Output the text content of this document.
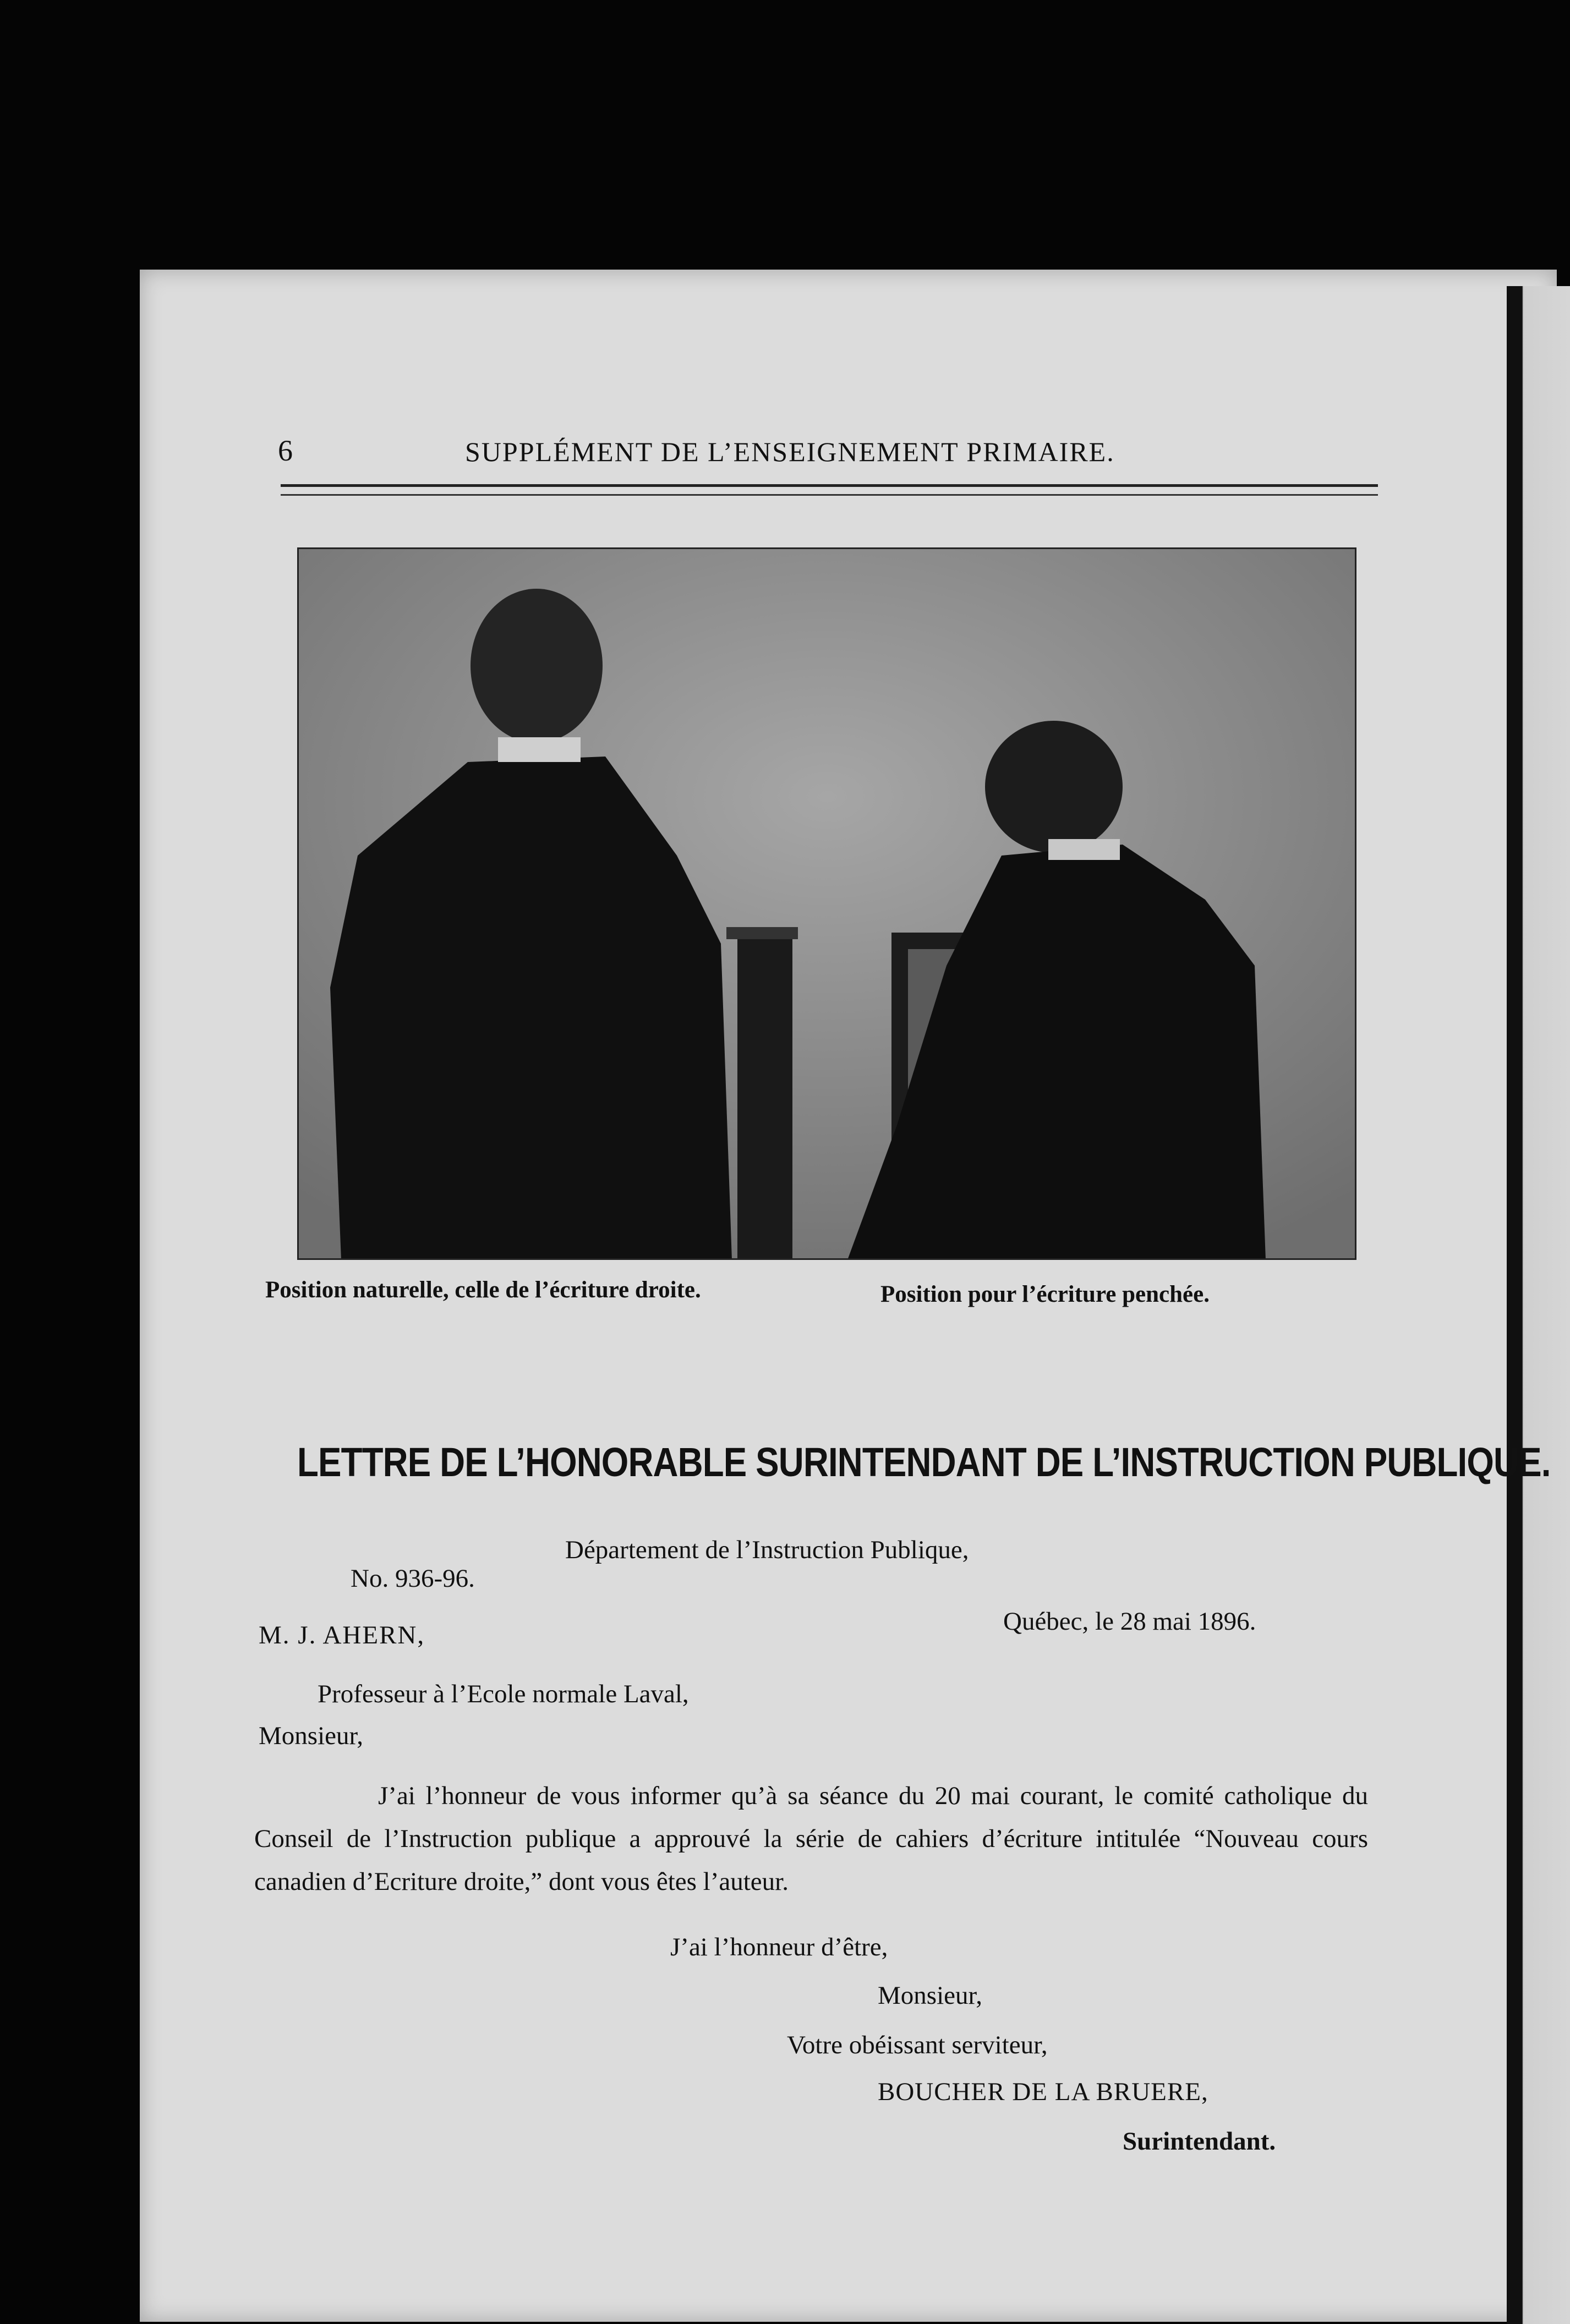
6	SUPPLÉMENT DE L’ENSEIGNEMENT PRIMAIRE.

Position naturelle, celle de l’écriture droite.	Position pour l’écriture penchée.

LETTRE DE L’HONORABLE SURINTENDANT DE L’INSTRUCTION PUBLIQUE.

Département de l’Instruction Publique,

No. 936-96.

Québec, le 28 mai 1896.

M. J. AHERN,

Professeur à l’Ecole normale Laval,

Monsieur,

J’ai l’honneur de vous informer qu’à sa séance du 20 mai courant, le comité catholique du Conseil de l’Instruction publique a approuvé la série de cahiers d’écriture intitulée “Nouveau cours canadien d’Ecriture droite,” dont vous êtes l’auteur.

J’ai l’honneur d’être,

Monsieur,

Votre obéissant serviteur,

BOUCHER DE LA BRUERE,

Surintendant.
